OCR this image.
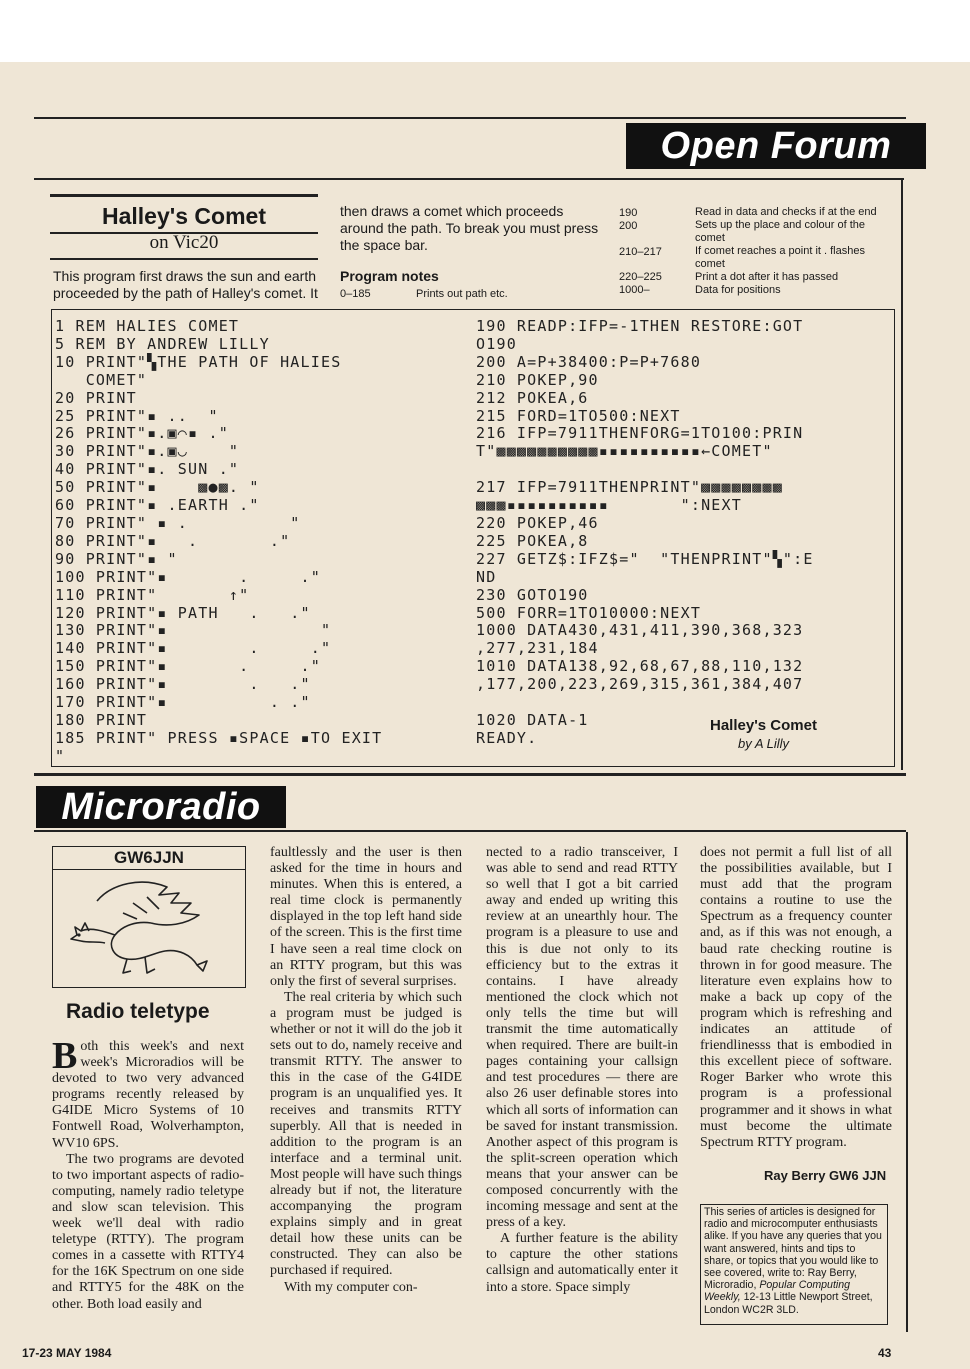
Open Forum
Halley's Comet
on Vic20
This program first draws the sun and earth proceeded by the path of Halley's comet. It
then draws a comet which proceeds around the path. To break you must press the space bar.
Program notes
0–185	Prints out path etc.
190	Read in data and checks if at the end
200	Sets up the place and colour of the comet
210–217	If comet reaches a point it . flashes comet
220–225	Print a dot after it has passed
1000–	Data for positions
1 REM HALIES COMET
5 REM BY ANDREW LILLY
10 PRINT"▚THE PATH OF HALIES
COMET"
20 PRINT
25 PRINT"▪ ..  "
26 PRINT"▪.▣⌒▪ ."
30 PRINT"▪.▣◡    "
40 PRINT"▪. SUN ."
50 PRINT"▪    ▩●▩. "
60 PRINT"▪ .EARTH ."
70 PRINT" ▪ .          "
80 PRINT"▪   .       ."
90 PRINT"▪ "
100 PRINT"▪       .     ."
110 PRINT"       ↑"
120 PRINT"▪ PATH   .   ."
130 PRINT"▪               "
140 PRINT"▪        .     ."
150 PRINT"▪       .     ."
160 PRINT"▪        .   ."
170 PRINT"▪          . ."
180 PRINT
185 PRINT" PRESS ▪SPACE ▪TO EXIT
"
190 READP:IFP=-1THEN RESTORE:GOT
O190
200 A=P+38400:P=P+7680
210 POKEP,90
212 POKEA,6
215 FORD=1TO500:NEXT
216 IFP=7911THENFORG=1TO100:PRIN
T"▩▩▩▩▩▩▩▩▩▩▪▪▪▪▪▪▪▪▪▪←COMET"

217 IFP=7911THENPRINT"▩▩▩▩▩▩▩▩
▩▩▩▪▪▪▪▪▪▪▪▪▪       ":NEXT
220 POKEP,46
225 POKEA,8
227 GETZ$:IFZ$="  "THENPRINT"▚":E
ND
230 GOTO190
500 FORR=1TO10000:NEXT
1000 DATA430,431,411,390,368,323
,277,231,184
1010 DATA138,92,68,67,88,110,132
,177,200,223,269,315,361,384,407

1020 DATA-1
READY.
Halley's Comet
by A Lilly
Microradio
GW6JJN
Radio teletype

Both this week's and next week's Microradios will be devoted to two very advanced programs recently released by G4IDE Micro Systems of 10 Fontwell Road, Wolverhampton, WV10 6PS.

The two programs are devoted to two important aspects of radio-computing, namely radio teletype and slow scan television. This week we'll deal with radio teletype (RTTY). The program comes in a cassette with RTTY4 for the 16K Spectrum on one side and RTTY5 for the 48K on the other. Both load easily and

faultlessly and the user is then asked for the time in hours and minutes. When this is entered, a real time clock is permanently displayed in the top left hand side of the screen. This is the first time I have seen a real time clock on an RTTY program, but this was only the first of several surprises.

The real criteria by which such a program must be judged is whether or not it will do the job it sets out to do, namely receive and transmit RTTY. The answer to this in the case of the G4IDE program is an unqualified yes. It receives and transmits RTTY superbly. All that is needed in addition to the program is an interface and a terminal unit. Most people will have such things already but if not, the literature accompanying the program explains simply and in great detail how these units can be constructed. They can also be purchased if required.

With my computer con-

nected to a radio transceiver, I was able to send and read RTTY so well that I got a bit carried away and ended up writing this review at an unearthly hour. The program is a pleasure to use and this is due not only to its efficiency but to the extras it contains. I have already mentioned the clock which not only tells the time but will transmit the time automatically when required. There are built-in pages containing your callsign and test procedures — there are also 26 user definable stores into which all sorts of information can be saved for instant transmission. Another aspect of this program is the split-screen operation which means that your answer can be composed concurrently with the incoming message and sent at the press of a key.

A further feature is the ability to capture the other stations callsign and automatically enter it into a store. Space simply

does not permit a full list of all the possibilities available, but I must add that the program contains a routine to use the Spectrum as a frequency counter and, as if this was not enough, a baud rate checking routine is thrown in for good measure. The literature even explains how to make a back up copy of the program which is refreshing and indicates an attitude of friendlinesss that is embodied in this excellent piece of software. Roger Barker who wrote this program is a professional programmer and it shows in what must become the ultimate Spectrum RTTY program.

Ray Berry GW6 JJN
This series of articles is designed for radio and microcomputer enthusiasts alike. If you have any queries that you want answered, hints and tips to share, or topics that you would like to see covered, write to: Ray Berry, Microradio, Popular Computing Weekly, 12-13 Little Newport Street, London WC2R 3LD.
17-23 MAY 1984	43
